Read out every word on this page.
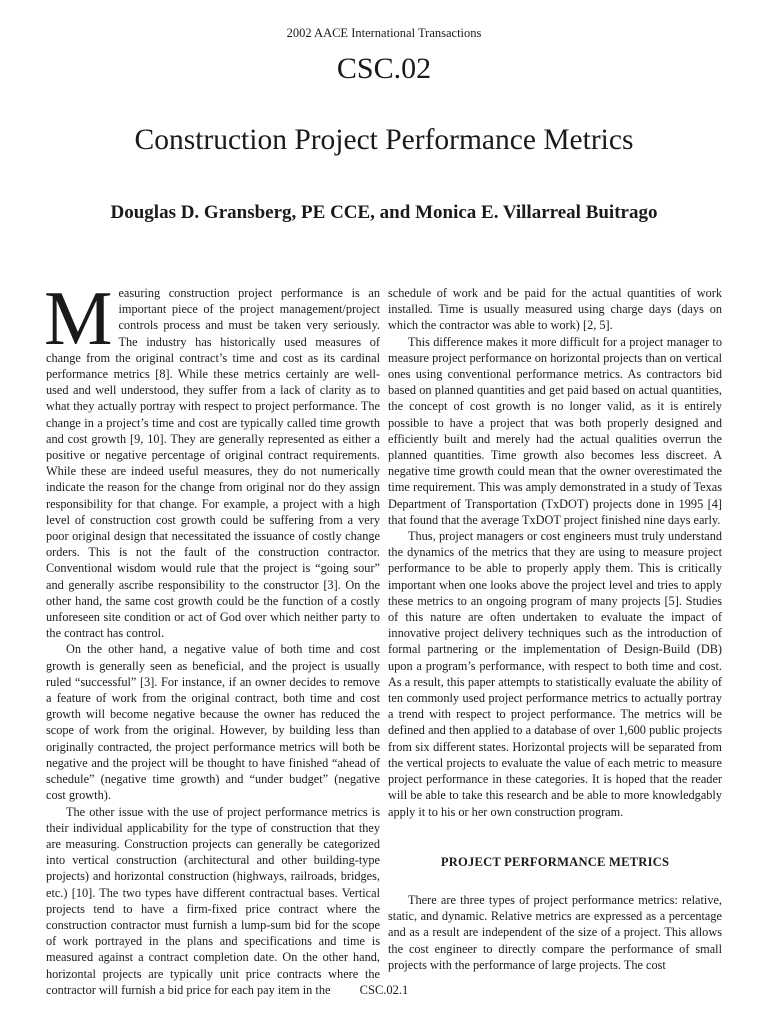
2002 AACE International Transactions
CSC.02
Construction Project Performance Metrics
Douglas D. Gransberg, PE CCE, and Monica E. Villarreal Buitrago

Measuring construction project performance is an important piece of the project management/project controls process and must be taken very seriously. The industry has historically used measures of change from the original contract’s time and cost as its cardinal performance metrics [8]. While these metrics certainly are well-used and well understood, they suffer from a lack of clarity as to what they actually portray with respect to project performance. The change in a project’s time and cost are typically called time growth and cost growth [9, 10]. They are generally represented as either a positive or negative percentage of original contract requirements. While these are indeed useful measures, they do not numerically indicate the reason for the change from original nor do they assign responsibility for that change. For example, a project with a high level of construction cost growth could be suffering from a very poor original design that necessitated the issuance of costly change orders. This is not the fault of the construction contractor. Conventional wisdom would rule that the project is “going sour” and generally ascribe responsibility to the constructor [3]. On the other hand, the same cost growth could be the function of a costly unforeseen site condition or act of God over which neither party to the contract has control.

On the other hand, a negative value of both time and cost growth is generally seen as beneficial, and the project is usually ruled “successful” [3]. For instance, if an owner decides to remove a feature of work from the original contract, both time and cost growth will become negative because the owner has reduced the scope of work from the original. However, by building less than originally contracted, the project performance metrics will both be negative and the project will be thought to have finished “ahead of schedule” (negative time growth) and “under budget” (negative cost growth).

The other issue with the use of project performance metrics is their individual applicability for the type of construction that they are measuring. Construction projects can generally be categorized into vertical construction (architectural and other building-type projects) and horizontal construction (highways, railroads, bridges, etc.) [10]. The two types have different contractual bases. Vertical projects tend to have a firm-fixed price contract where the construction contractor must furnish a lump-sum bid for the scope of work portrayed in the plans and specifications and time is measured against a contract completion date. On the other hand, horizontal projects are typically unit price contracts where the contractor will furnish a bid price for each pay item in the

schedule of work and be paid for the actual quantities of work installed. Time is usually measured using charge days (days on which the contractor was able to work) [2, 5].

This difference makes it more difficult for a project manager to measure project performance on horizontal projects than on vertical ones using conventional performance metrics. As contractors bid based on planned quantities and get paid based on actual quantities, the concept of cost growth is no longer valid, as it is entirely possible to have a project that was both properly designed and efficiently built and merely had the actual qualities overrun the planned quantities. Time growth also becomes less discreet. A negative time growth could mean that the owner overestimated the time requirement. This was amply demonstrated in a study of Texas Department of Transportation (TxDOT) projects done in 1995 [4] that found that the average TxDOT project finished nine days early.

Thus, project managers or cost engineers must truly understand the dynamics of the metrics that they are using to measure project performance to be able to properly apply them. This is critically important when one looks above the project level and tries to apply these metrics to an ongoing program of many projects [5]. Studies of this nature are often undertaken to evaluate the impact of innovative project delivery techniques such as the introduction of formal partnering or the implementation of Design-Build (DB) upon a program’s performance, with respect to both time and cost. As a result, this paper attempts to statistically evaluate the ability of ten commonly used project performance metrics to actually portray a trend with respect to project performance. The metrics will be defined and then applied to a database of over 1,600 public projects from six different states. Horizontal projects will be separated from the vertical projects to evaluate the value of each metric to measure project performance in these categories. It is hoped that the reader will be able to take this research and be able to more knowledgably apply it to his or her own construction program.

PROJECT PERFORMANCE METRICS

There are three types of project performance metrics: relative, static, and dynamic. Relative metrics are expressed as a percentage and as a result are independent of the size of a project. This allows the cost engineer to directly compare the performance of small projects with the performance of large projects. The cost

CSC.02.1
